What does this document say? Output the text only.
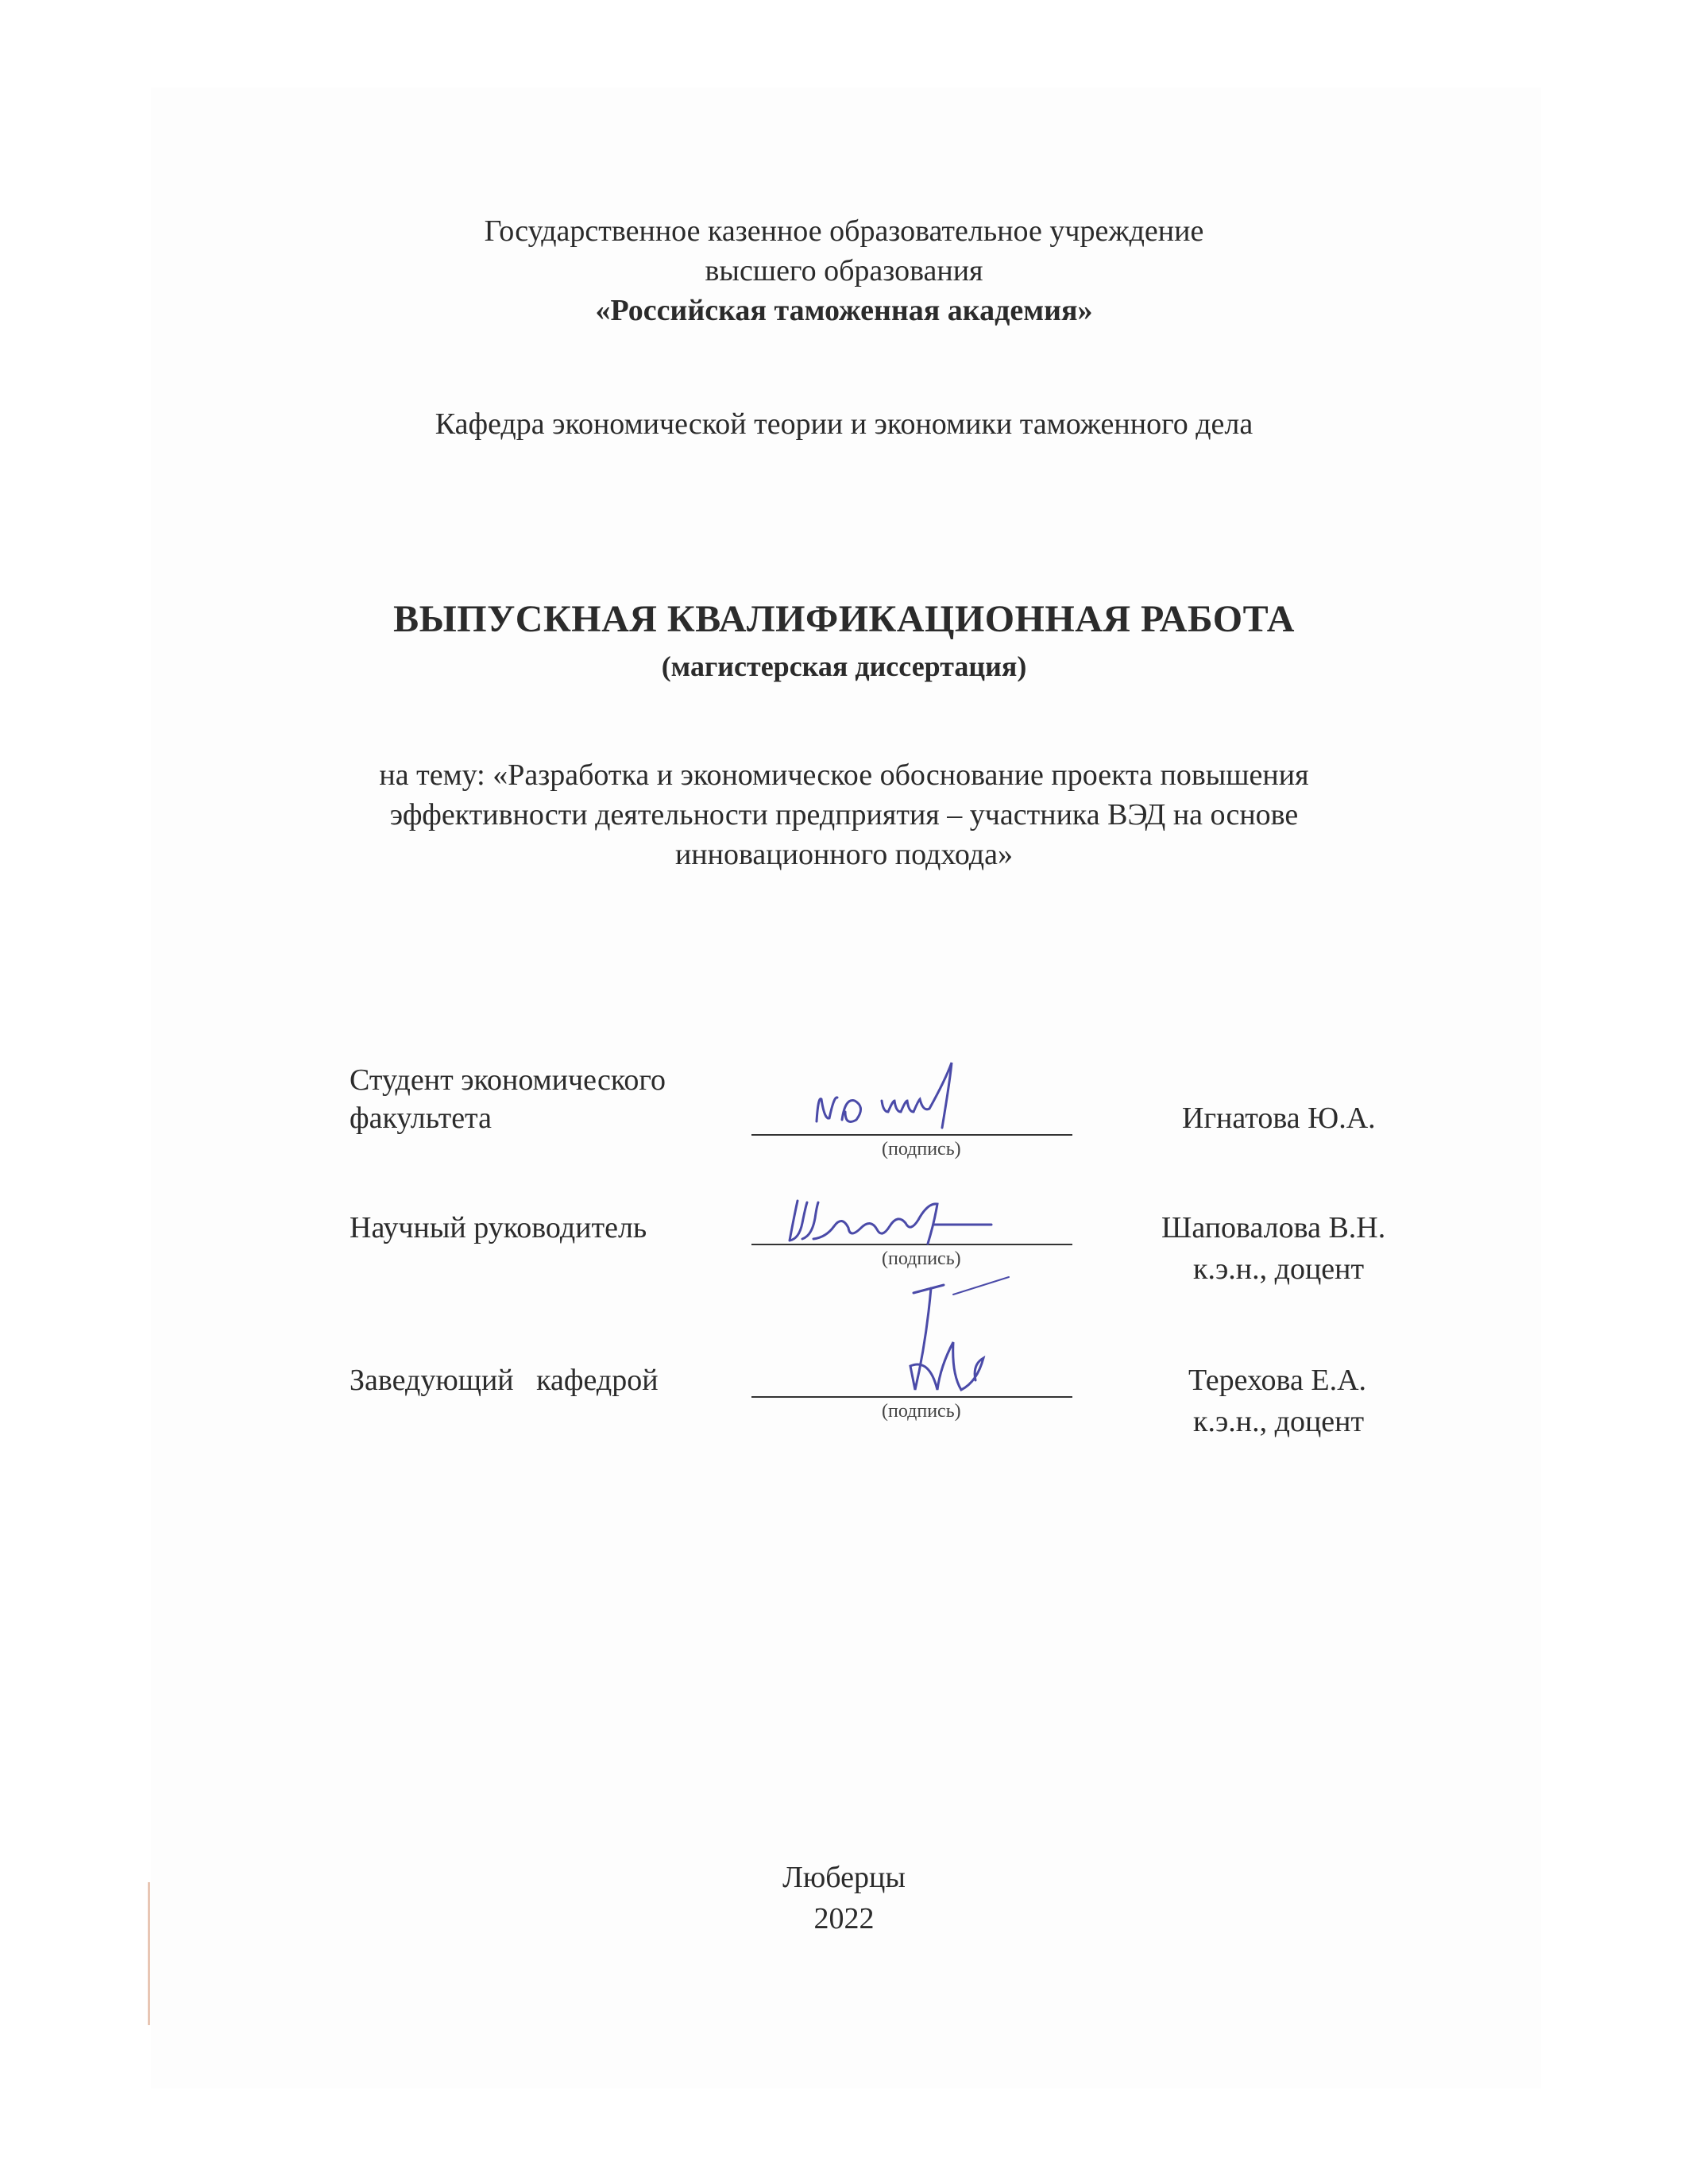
Государственное казенное образовательное учреждение
высшего образования
«Российская таможенная академия»
Кафедра экономической теории и экономики таможенного дела
ВЫПУСКНАЯ КВАЛИФИКАЦИОННАЯ РАБОТА
(магистерская диссертация)
на тему: «Разработка и экономическое обоснование проекта повышения
эффективности деятельности предприятия – участника ВЭД на основе
инновационного подхода»
Студент экономического
факультета
(подпись)
Игнатова Ю.А.
Научный руководитель
(подпись)
Шаповалова В.Н.
к.э.н., доцент
Заведующий   кафедрой
(подпись)
Терехова Е.А.
к.э.н., доцент
Люберцы
2022
